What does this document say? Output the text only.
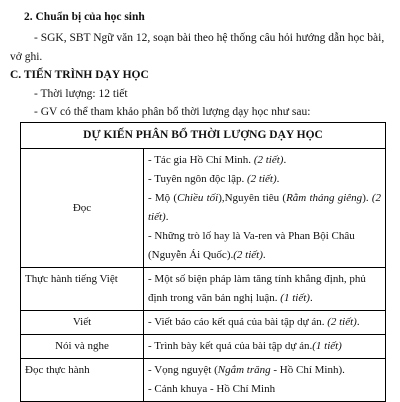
2. Chuẩn bị của học sinh
- SGK, SBT Ngữ văn 12, soạn bài theo hệ thống câu hỏi hướng dẫn học bài,
vở ghi.
C. TIẾN TRÌNH DẠY HỌC
- Thời lượng: 12 tiết
- GV có thể tham khảo phân bổ thời lượng dạy học như sau:
DỰ KIẾN PHÂN BỔ THỜI LƯỢNG DẠY HỌC	
Đọc	- Tác gia Hồ Chí Minh. (2 tiết).
- Tuyên ngôn độc lập. (2 tiết).
- Mộ (Chiều tối),Nguyên tiêu (Rằm tháng giêng). (2 tiết).
- Những trò lố hay là Va-ren và Phan Bội Châu (Nguyễn Ái Quốc).(2 tiết).

Thực hành tiếng Việt	- Một số biện pháp làm tăng tính khẳng định, phủ định trong văn bản nghị luận. (1 tiết).

Viết	- Viết báo cáo kết quả của bài tập dự án. (2 tiết).

Nói và nghe	- Trình bày kết quả của bài tập dự án.(1 tiết)

Đọc thực hành	- Vọng nguyệt (Ngắm trăng - Hồ Chí Minh).
- Cảnh khuya - Hồ Chí Minh
